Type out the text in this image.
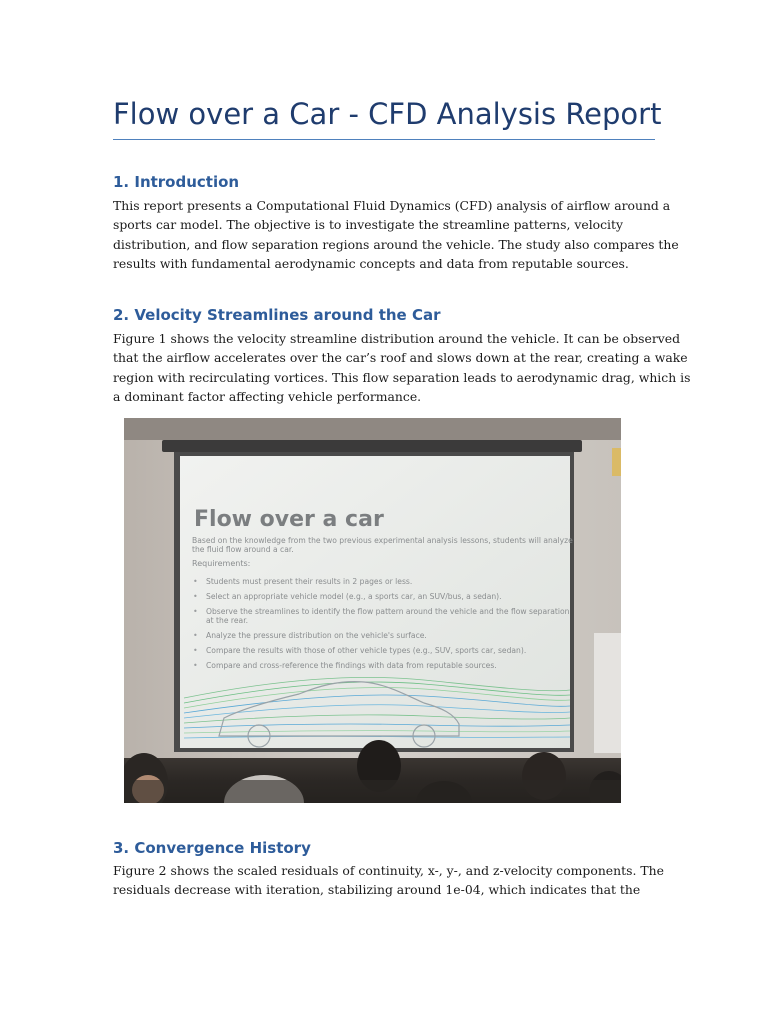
Flow over a Car - CFD Analysis Report
1. Introduction
This report presents a Computational Fluid Dynamics (CFD) analysis of airflow around a
sports car model. The objective is to investigate the streamline patterns, velocity
distribution, and flow separation regions around the vehicle. The study also compares the
results with fundamental aerodynamic concepts and data from reputable sources.
2. Velocity Streamlines around the Car
Figure 1 shows the velocity streamline distribution around the vehicle. It can be observed
that the airflow accelerates over the car’s roof and slows down at the rear, creating a wake
region with recirculating vortices. This flow separation leads to aerodynamic drag, which is
a dominant factor affecting vehicle performance.
Flow over a car
Based on the knowledge from the two previous experimental analysis lessons, students will analyze
the fluid flow around a car.
Requirements:
• Students must present their results in 2 pages or less.
• Select an appropriate vehicle model (e.g., a sports car, an SUV/bus, a sedan).
• Observe the streamlines to identify the flow pattern around the vehicle and the flow separation
at the rear.
• Analyze the pressure distribution on the vehicle's surface.
• Compare the results with those of other vehicle types (e.g., SUV, sports car, sedan).
• Compare and cross-reference the findings with data from reputable sources.
3. Convergence History
Figure 2 shows the scaled residuals of continuity, x-, y-, and z-velocity components. The
residuals decrease with iteration, stabilizing around 1e-04, which indicates that the
